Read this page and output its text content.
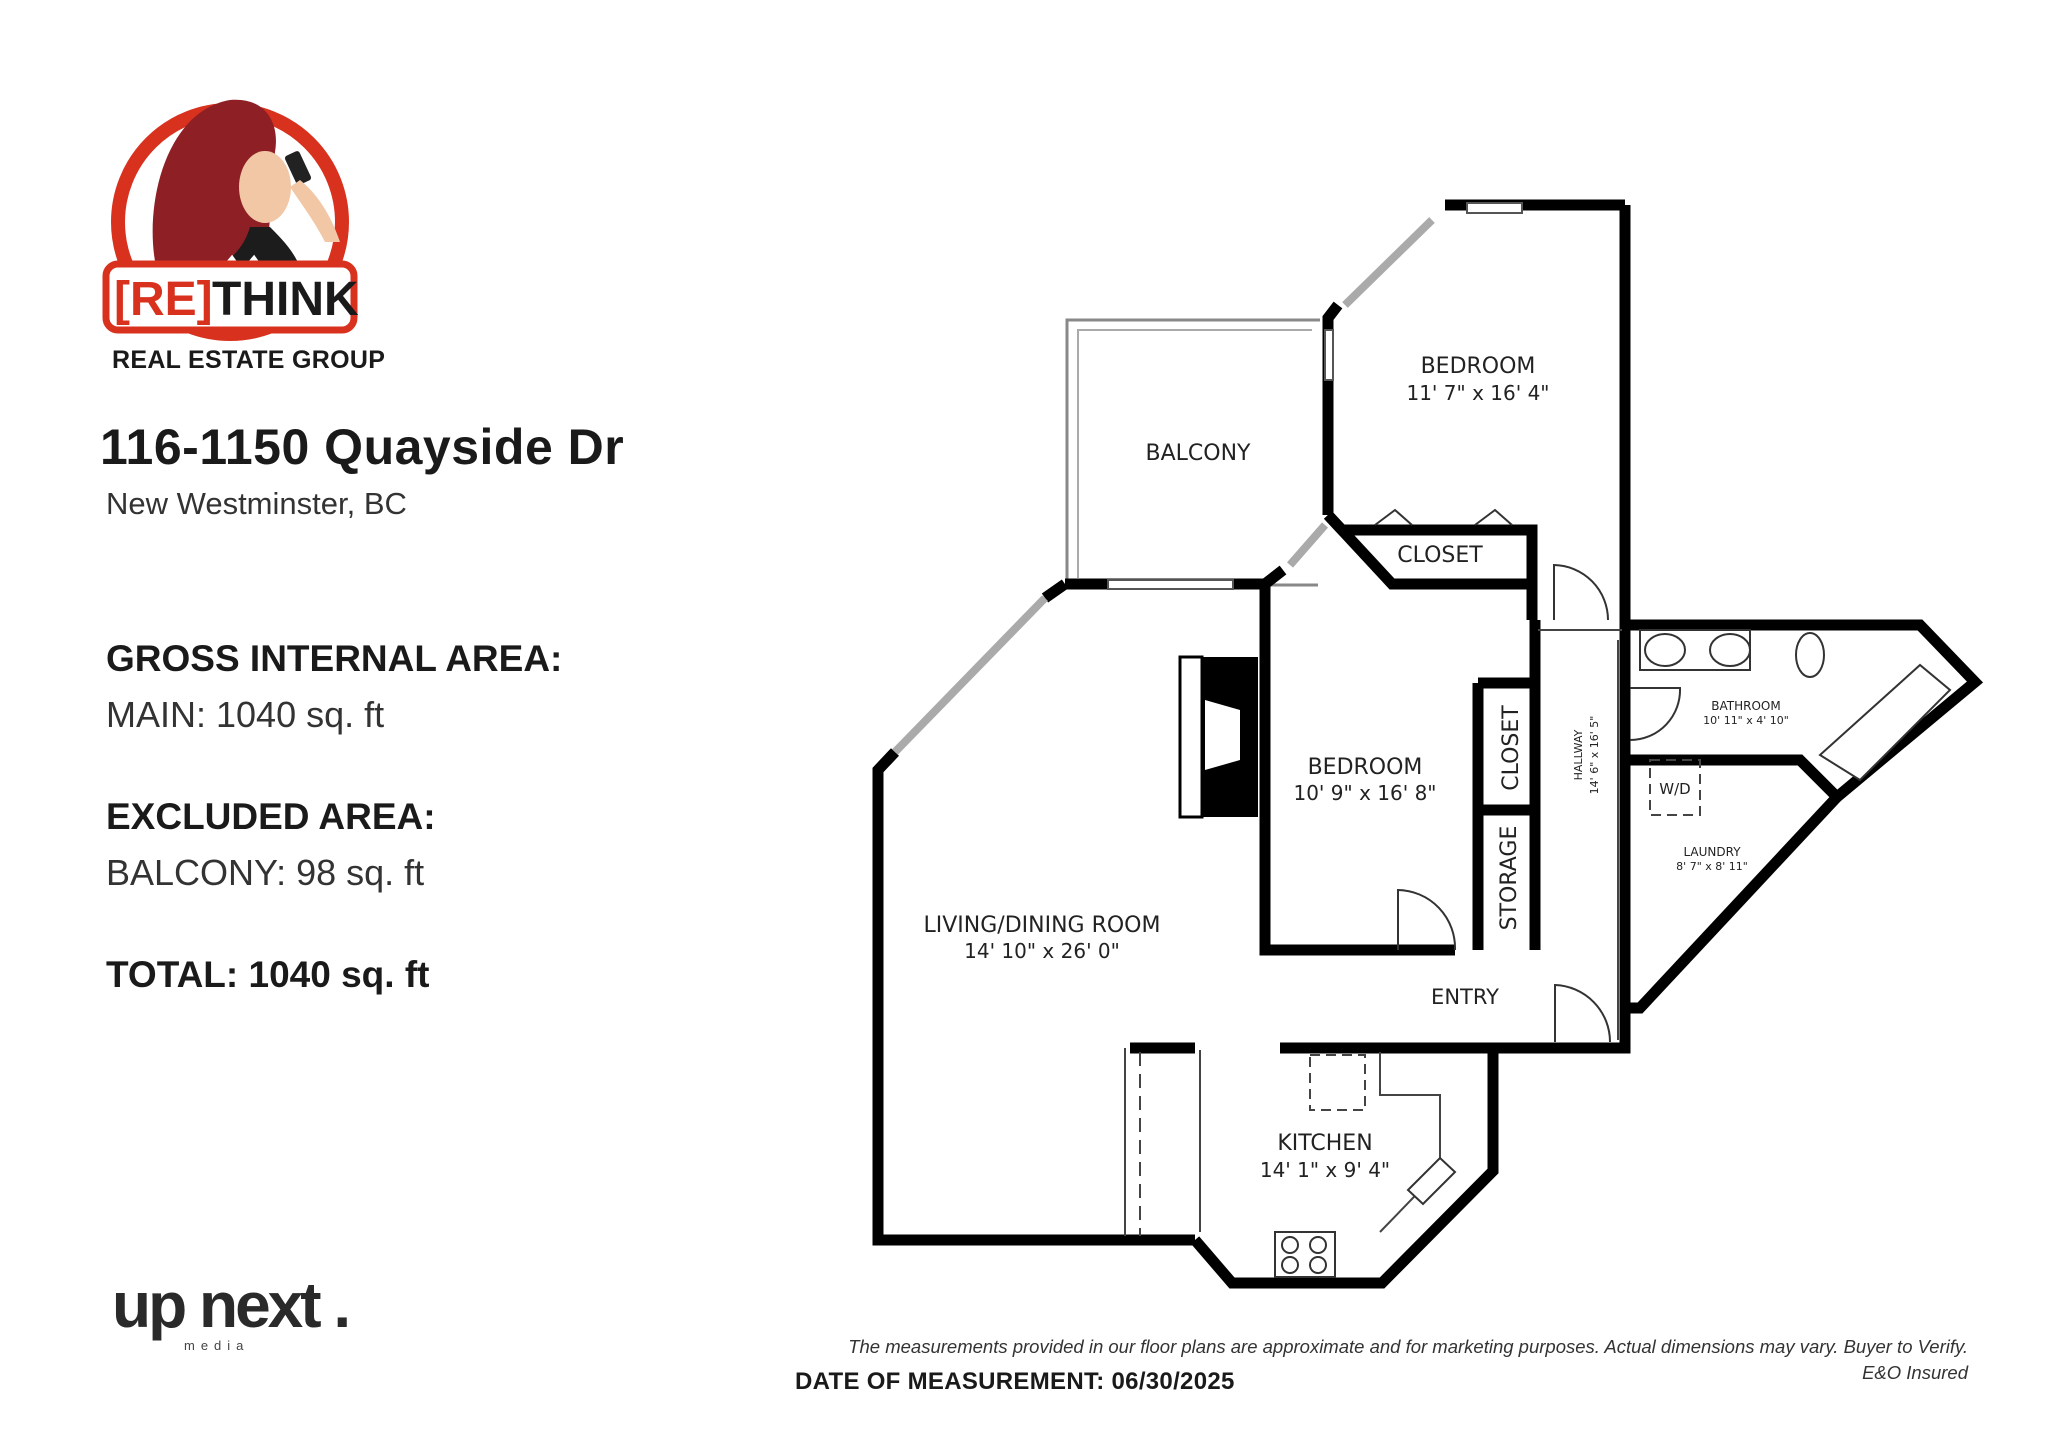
[RE] THINK
REAL ESTATE GROUP
116-1150 Quayside Dr
New Westminster, BC
GROSS INTERNAL AREA:
MAIN: 1040 sq. ft
EXCLUDED AREA:
BALCONY: 98 sq. ft
TOTAL: 1040 sq. ft
up next .
media	The measurements provided in our floor plans are approximate and for marketing purposes. Actual dimensions may vary. Buyer to Verify.
E&O Insured
DATE OF MEASUREMENT: 06/30/2025
BEDROOM
11' 7" x 16' 4"
BALCONY
CLOSET
BEDROOM
10' 9" x 16' 8"
CLOSET
STORAGE
HALLWAY 14' 6" x 16' 5"
BATHROOM
10' 11" x 4' 10"
W/D
LAUNDRY
8' 7" x 8' 11"
LIVING/DINING ROOM
14' 10" x 26' 0"
ENTRY
KITCHEN
14' 1" x 9' 4"
